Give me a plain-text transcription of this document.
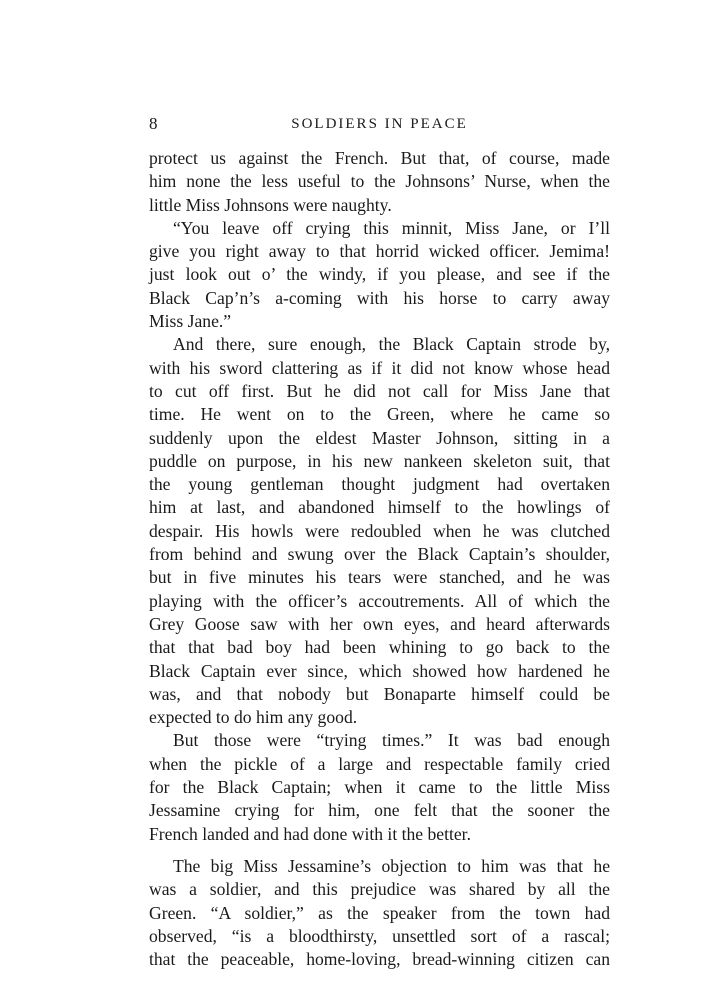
8	SOLDIERS IN PEACE
protect us against the French. But that, of course, made
him none the less useful to the Johnsons’ Nurse, when the
little Miss Johnsons were naughty.
“You leave off crying this minnit, Miss Jane, or I’ll
give you right away to that horrid wicked officer. Jemima!
just look out o’ the windy, if you please, and see if the
Black Cap’n’s a-coming with his horse to carry away
Miss Jane.”
And there, sure enough, the Black Captain strode by,
with his sword clattering as if it did not know whose head
to cut off first. But he did not call for Miss Jane that
time. He went on to the Green, where he came so
suddenly upon the eldest Master Johnson, sitting in a
puddle on purpose, in his new nankeen skeleton suit, that
the young gentleman thought judgment had overtaken
him at last, and abandoned himself to the howlings of
despair. His howls were redoubled when he was clutched
from behind and swung over the Black Captain’s shoulder,
but in five minutes his tears were stanched, and he was
playing with the officer’s accoutrements. All of which the
Grey Goose saw with her own eyes, and heard afterwards
that that bad boy had been whining to go back to the
Black Captain ever since, which showed how hardened he
was, and that nobody but Bonaparte himself could be
expected to do him any good.
But those were “trying times.” It was bad enough
when the pickle of a large and respectable family cried
for the Black Captain; when it came to the little Miss
Jessamine crying for him, one felt that the sooner the
French landed and had done with it the better.
The big Miss Jessamine’s objection to him was that he
was a soldier, and this prejudice was shared by all the
Green. “A soldier,” as the speaker from the town had
observed, “is a bloodthirsty, unsettled sort of a rascal;
that the peaceable, home-loving, bread-winning citizen can
